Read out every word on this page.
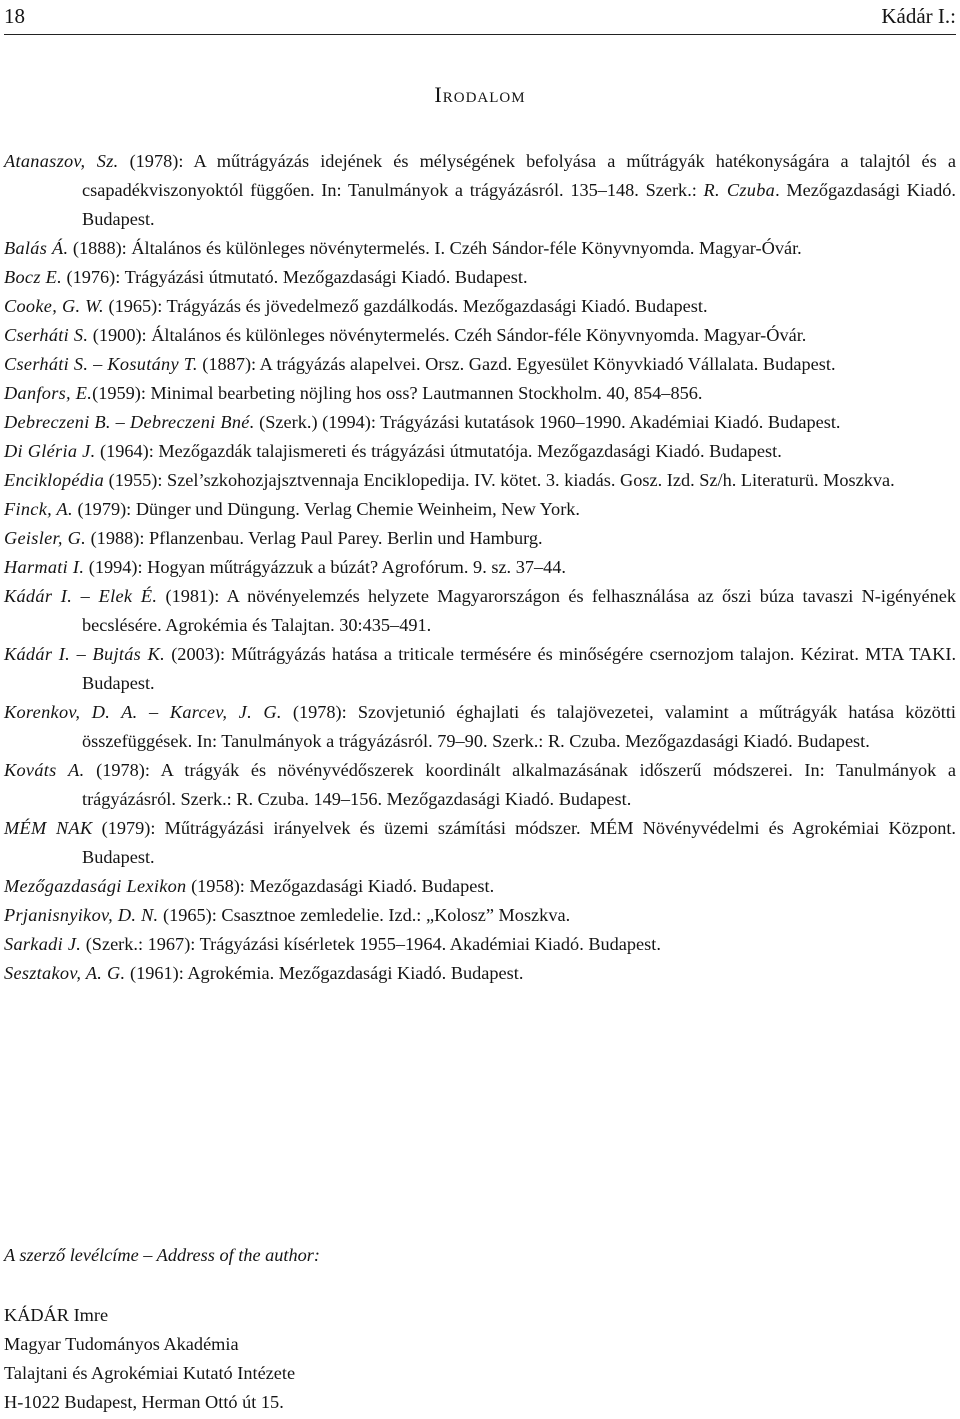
18	Kádár I.:
Irodalom
Atanaszov, Sz. (1978): A műtrágyázás idejének és mélységének befolyása a műtrágyák hatékonyságára a talajtól és a csapadékviszonyoktól függően. In: Tanulmányok a trágyázásról. 135–148. Szerk.: R. Czuba. Mezőgazdasági Kiadó. Budapest.
Balás Á. (1888): Általános és különleges növénytermelés. I. Czéh Sándor-féle Könyvnyomda. Magyar-Óvár.
Bocz E. (1976): Trágyázási útmutató. Mezőgazdasági Kiadó. Budapest.
Cooke, G. W. (1965): Trágyázás és jövedelmező gazdálkodás. Mezőgazdasági Kiadó. Budapest.
Cserháti S. (1900): Általános és különleges növénytermelés. Czéh Sándor-féle Könyvnyomda. Magyar-Óvár.
Cserháti S. – Kosutány T. (1887): A trágyázás alapelvei. Orsz. Gazd. Egyesület Könyvkiadó Vállalata. Budapest.
Danfors, E.(1959): Minimal bearbeting nöjling hos oss? Lautmannen Stockholm. 40, 854–856.
Debreczeni B. – Debreczeni Bné. (Szerk.) (1994): Trágyázási kutatások 1960–1990. Akadémiai Kiadó. Budapest.
Di Gléria J. (1964): Mezőgazdák talajismereti és trágyázási útmutatója. Mezőgazdasági Kiadó. Budapest.
Enciklopédia (1955): Szel’szkohozjajsztvennaja Enciklopedija. IV. kötet. 3. kiadás. Gosz. Izd. Sz/h. Literaturü. Moszkva.
Finck, A. (1979): Dünger und Düngung. Verlag Chemie Weinheim, New York.
Geisler, G. (1988): Pflanzenbau. Verlag Paul Parey. Berlin und Hamburg.
Harmati I. (1994): Hogyan műtrágyázzuk a búzát? Agrofórum. 9. sz. 37–44.
Kádár I. – Elek É. (1981): A növényelemzés helyzete Magyarországon és felhasználása az őszi búza tavaszi N-igényének becslésére. Agrokémia és Talajtan. 30:435–491.
Kádár I. – Bujtás K. (2003): Műtrágyázás hatása a triticale termésére és minőségére csernozjom talajon. Kézirat. MTA TAKI. Budapest.
Korenkov, D. A. – Karcev, J. G. (1978): Szovjetunió éghajlati és talajövezetei, valamint a műtrágyák hatása közötti összefüggések. In: Tanulmányok a trágyázásról. 79–90. Szerk.: R. Czuba. Mezőgazdasági Kiadó. Budapest.
Kováts A. (1978): A trágyák és növényvédőszerek koordinált alkalmazásának időszerű módszerei. In: Tanulmányok a trágyázásról. Szerk.: R. Czuba. 149–156. Mezőgazdasági Kiadó. Budapest.
MÉM NAK (1979): Műtrágyázási irányelvek és üzemi számítási módszer. MÉM Növényvédelmi és Agrokémiai Központ. Budapest.
Mezőgazdasági Lexikon (1958): Mezőgazdasági Kiadó. Budapest.
Prjanisnyikov, D. N. (1965): Csasztnoe zemledelie. Izd.: „Kolosz” Moszkva.
Sarkadi J. (Szerk.: 1967): Trágyázási kísérletek 1955–1964. Akadémiai Kiadó. Budapest.
Sesztakov, A. G. (1961): Agrokémia. Mezőgazdasági Kiadó. Budapest.
A szerző levélcíme – Address of the author:
KÁDÁR Imre
Magyar Tudományos Akadémia
Talajtani és Agrokémiai Kutató Intézete
H-1022 Budapest, Herman Ottó út 15.
